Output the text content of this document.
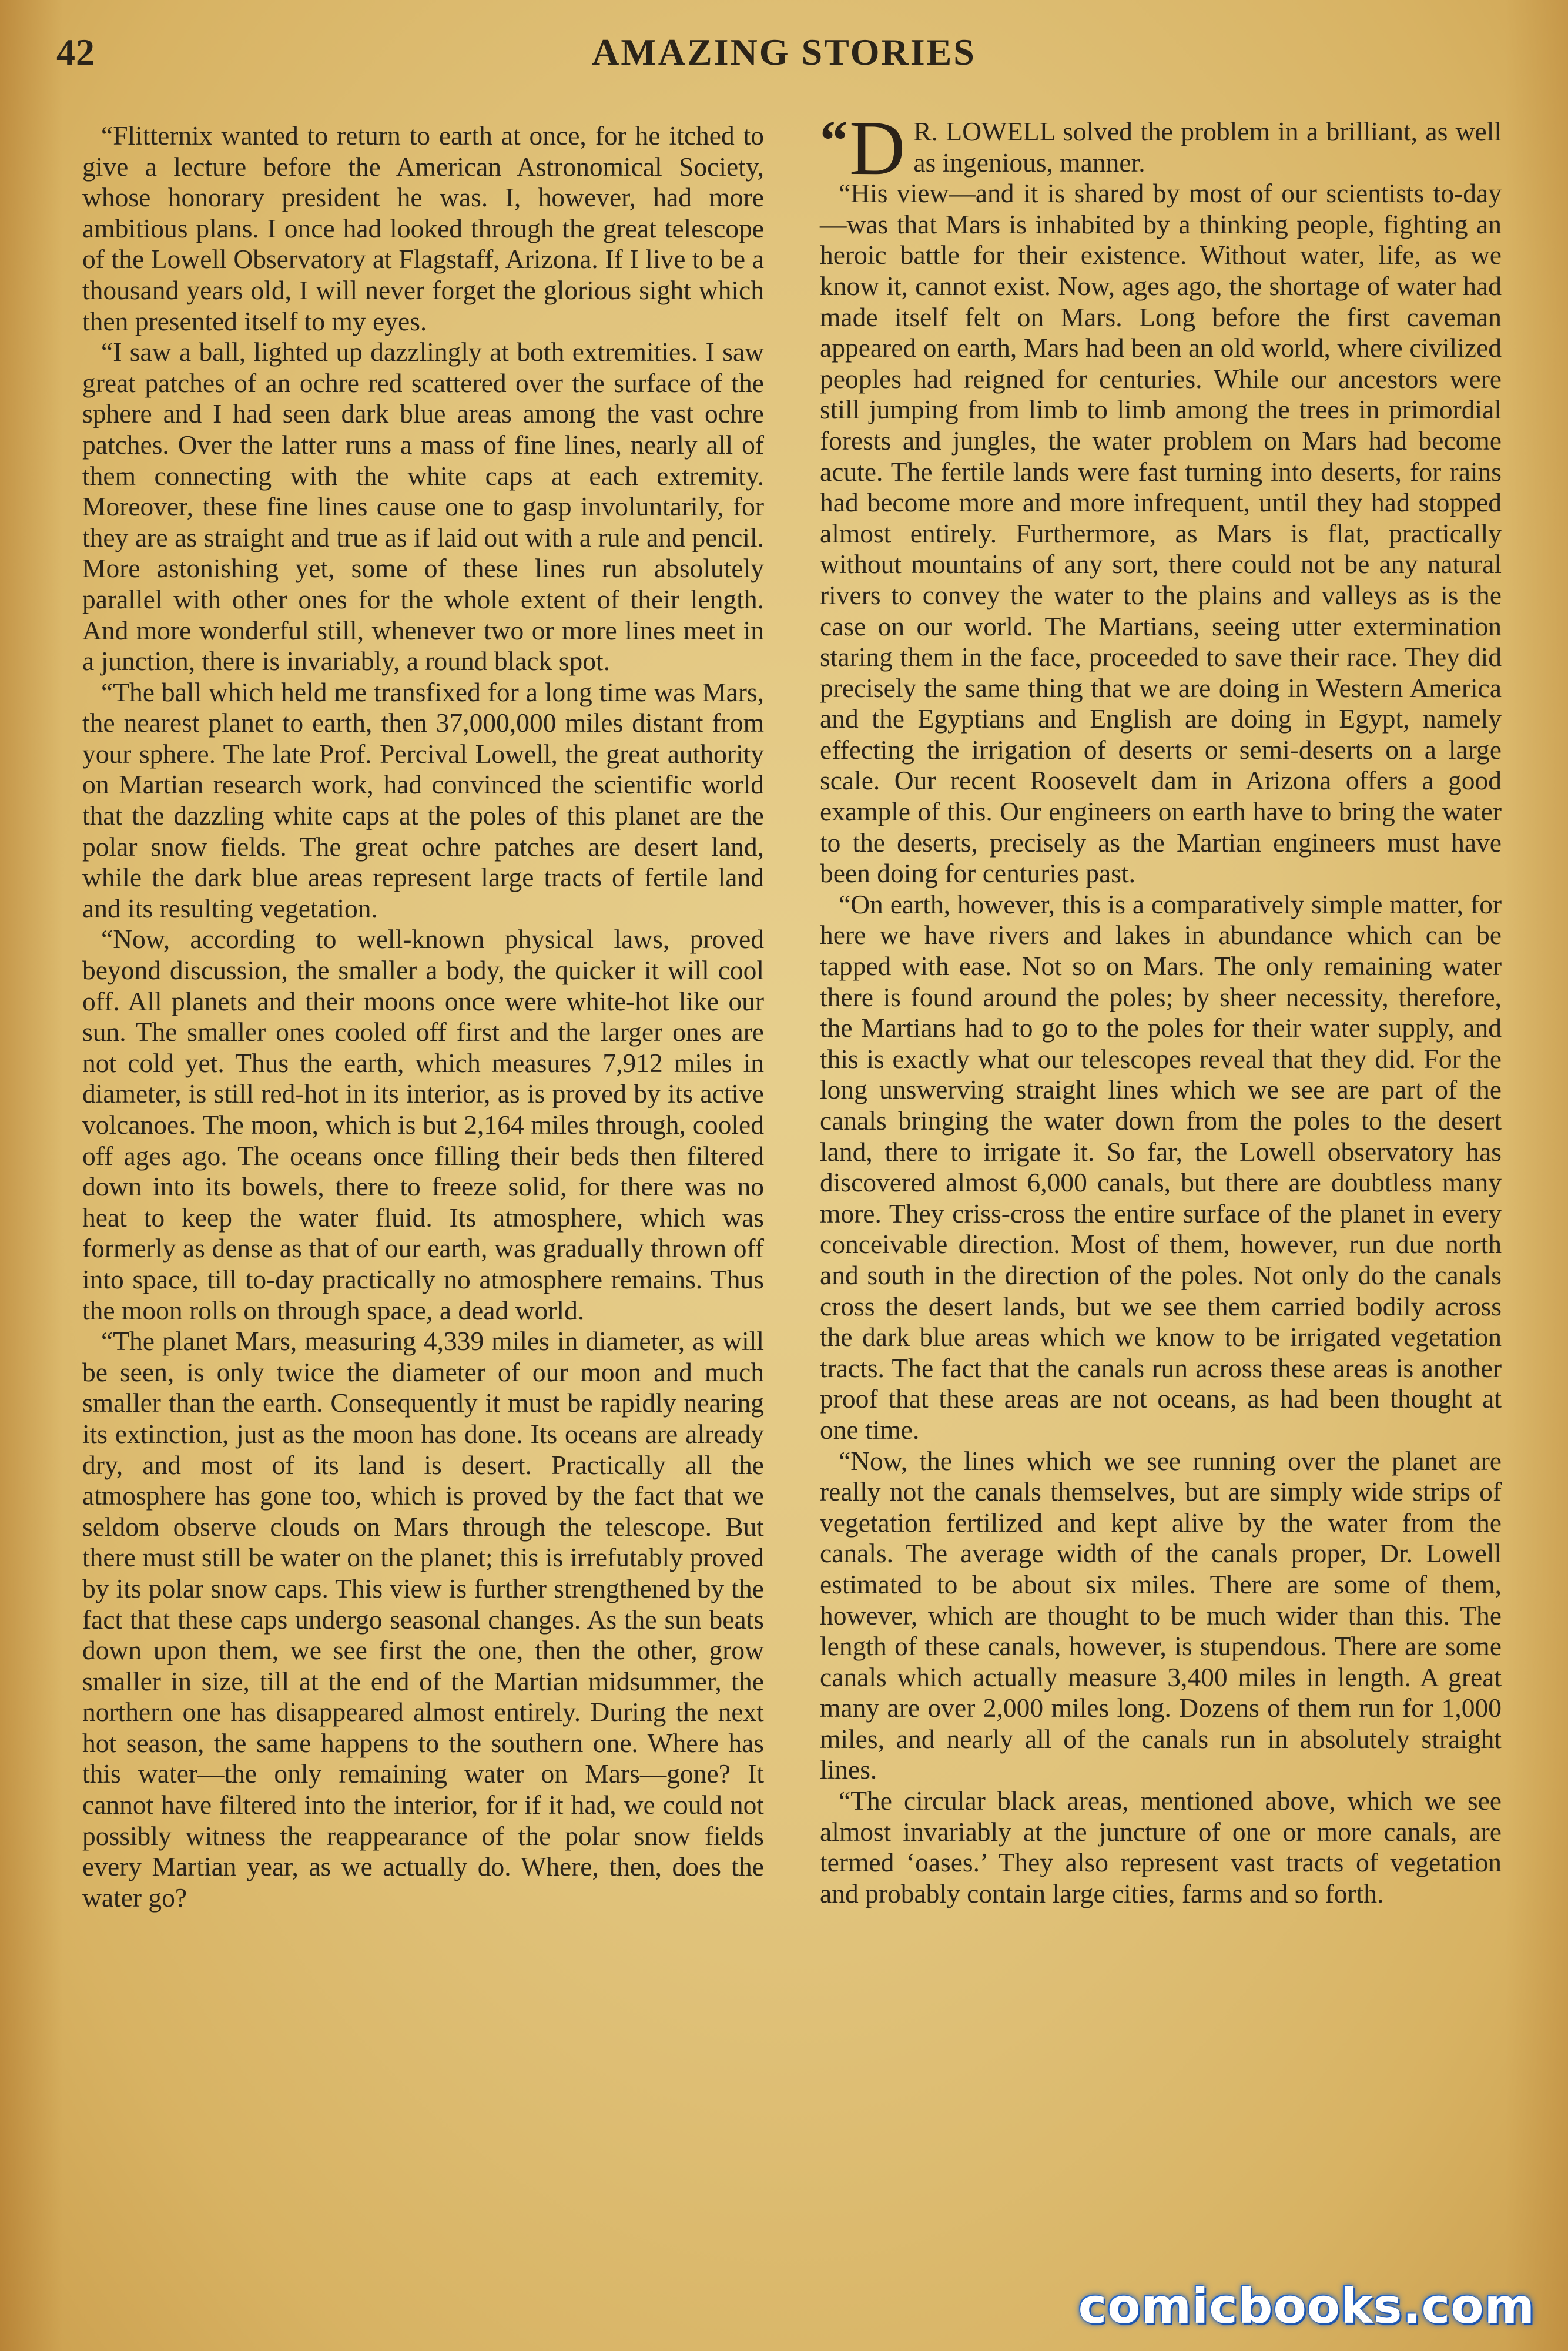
42	AMAZING STORIES

“Flitternix wanted to return to earth at once, for he itched to give a lecture before the American Astronomical Society, whose honorary president he was. I, however, had more ambitious plans. I once had looked through the great telescope of the Lowell Observatory at Flagstaff, Arizona. If I live to be a thousand years old, I will never forget the glorious sight which then presented itself to my eyes.

“I saw a ball, lighted up dazzlingly at both extremities. I saw great patches of an ochre red scattered over the surface of the sphere and I had seen dark blue areas among the vast ochre patches. Over the latter runs a mass of fine lines, nearly all of them connecting with the white caps at each extremity. Moreover, these fine lines cause one to gasp involuntarily, for they are as straight and true as if laid out with a rule and pencil. More astonishing yet, some of these lines run absolutely parallel with other ones for the whole extent of their length. And more wonderful still, whenever two or more lines meet in a junction, there is invariably, a round black spot.

“The ball which held me transfixed for a long time was Mars, the nearest planet to earth, then 37,000,000 miles distant from your sphere. The late Prof. Percival Lowell, the great authority on Martian research work, had convinced the scientific world that the dazzling white caps at the poles of this planet are the polar snow fields. The great ochre patches are desert land, while the dark blue areas represent large tracts of fertile land and its resulting vegetation.

“Now, according to well-known physical laws, proved beyond discussion, the smaller a body, the quicker it will cool off. All planets and their moons once were white-hot like our sun. The smaller ones cooled off first and the larger ones are not cold yet. Thus the earth, which measures 7,912 miles in diameter, is still red-hot in its interior, as is proved by its active volcanoes. The moon, which is but 2,164 miles through, cooled off ages ago. The oceans once filling their beds then filtered down into its bowels, there to freeze solid, for there was no heat to keep the water fluid. Its atmosphere, which was formerly as dense as that of our earth, was gradually thrown off into space, till to-day practically no atmosphere remains. Thus the moon rolls on through space, a dead world.

“The planet Mars, measuring 4,339 miles in diameter, as will be seen, is only twice the diameter of our moon and much smaller than the earth. Consequently it must be rapidly nearing its extinction, just as the moon has done. Its oceans are already dry, and most of its land is desert. Practically all the atmosphere has gone too, which is proved by the fact that we seldom observe clouds on Mars through the telescope. But there must still be water on the planet; this is irrefutably proved by its polar snow caps. This view is further strengthened by the fact that these caps undergo seasonal changes. As the sun beats down upon them, we see first the one, then the other, grow smaller in size, till at the end of the Martian midsummer, the northern one has disappeared almost entirely. During the next hot season, the same happens to the southern one. Where has this water—the only remaining water on Mars—gone? It cannot have filtered into the interior, for if it had, we could not possibly witness the reappearance of the polar snow fields every Martian year, as we actually do. Where, then, does the water go?

“ D R. LOWELL solved the problem in a brilliant, as well as ingenious, manner.

“His view—and it is shared by most of our scientists to-day—was that Mars is inhabited by a thinking people, fighting an heroic battle for their existence. Without water, life, as we know it, cannot exist. Now, ages ago, the shortage of water had made itself felt on Mars. Long before the first caveman appeared on earth, Mars had been an old world, where civilized peoples had reigned for centuries. While our ancestors were still jumping from limb to limb among the trees in primordial forests and jungles, the water problem on Mars had become acute. The fertile lands were fast turning into deserts, for rains had become more and more infrequent, until they had stopped almost entirely. Furthermore, as Mars is flat, practically without mountains of any sort, there could not be any natural rivers to convey the water to the plains and valleys as is the case on our world. The Martians, seeing utter extermination staring them in the face, proceeded to save their race. They did precisely the same thing that we are doing in Western America and the Egyptians and English are doing in Egypt, namely effecting the irrigation of deserts or semi-deserts on a large scale. Our recent Roosevelt dam in Arizona offers a good example of this. Our engineers on earth have to bring the water to the deserts, precisely as the Martian engineers must have been doing for centuries past.

“On earth, however, this is a comparatively simple matter, for here we have rivers and lakes in abundance which can be tapped with ease. Not so on Mars. The only remaining water there is found around the poles; by sheer necessity, therefore, the Martians had to go to the poles for their water supply, and this is exactly what our telescopes reveal that they did. For the long unswerving straight lines which we see are part of the canals bringing the water down from the poles to the desert land, there to irrigate it. So far, the Lowell observatory has discovered almost 6,000 canals, but there are doubtless many more. They criss-cross the entire surface of the planet in every conceivable direction. Most of them, however, run due north and south in the direction of the poles. Not only do the canals cross the desert lands, but we see them carried bodily across the dark blue areas which we know to be irrigated vegetation tracts. The fact that the canals run across these areas is another proof that these areas are not oceans, as had been thought at one time.

“Now, the lines which we see running over the planet are really not the canals themselves, but are simply wide strips of vegetation fertilized and kept alive by the water from the canals. The average width of the canals proper, Dr. Lowell estimated to be about six miles. There are some of them, however, which are thought to be much wider than this. The length of these canals, however, is stupendous. There are some canals which actually measure 3,400 miles in length. A great many are over 2,000 miles long. Dozens of them run for 1,000 miles, and nearly all of the canals run in absolutely straight lines.

“The circular black areas, mentioned above, which we see almost invariably at the juncture of one or more canals, are termed ‘oases.’ They also represent vast tracts of vegetation and probably contain large cities, farms and so forth.

comicbooks.com
